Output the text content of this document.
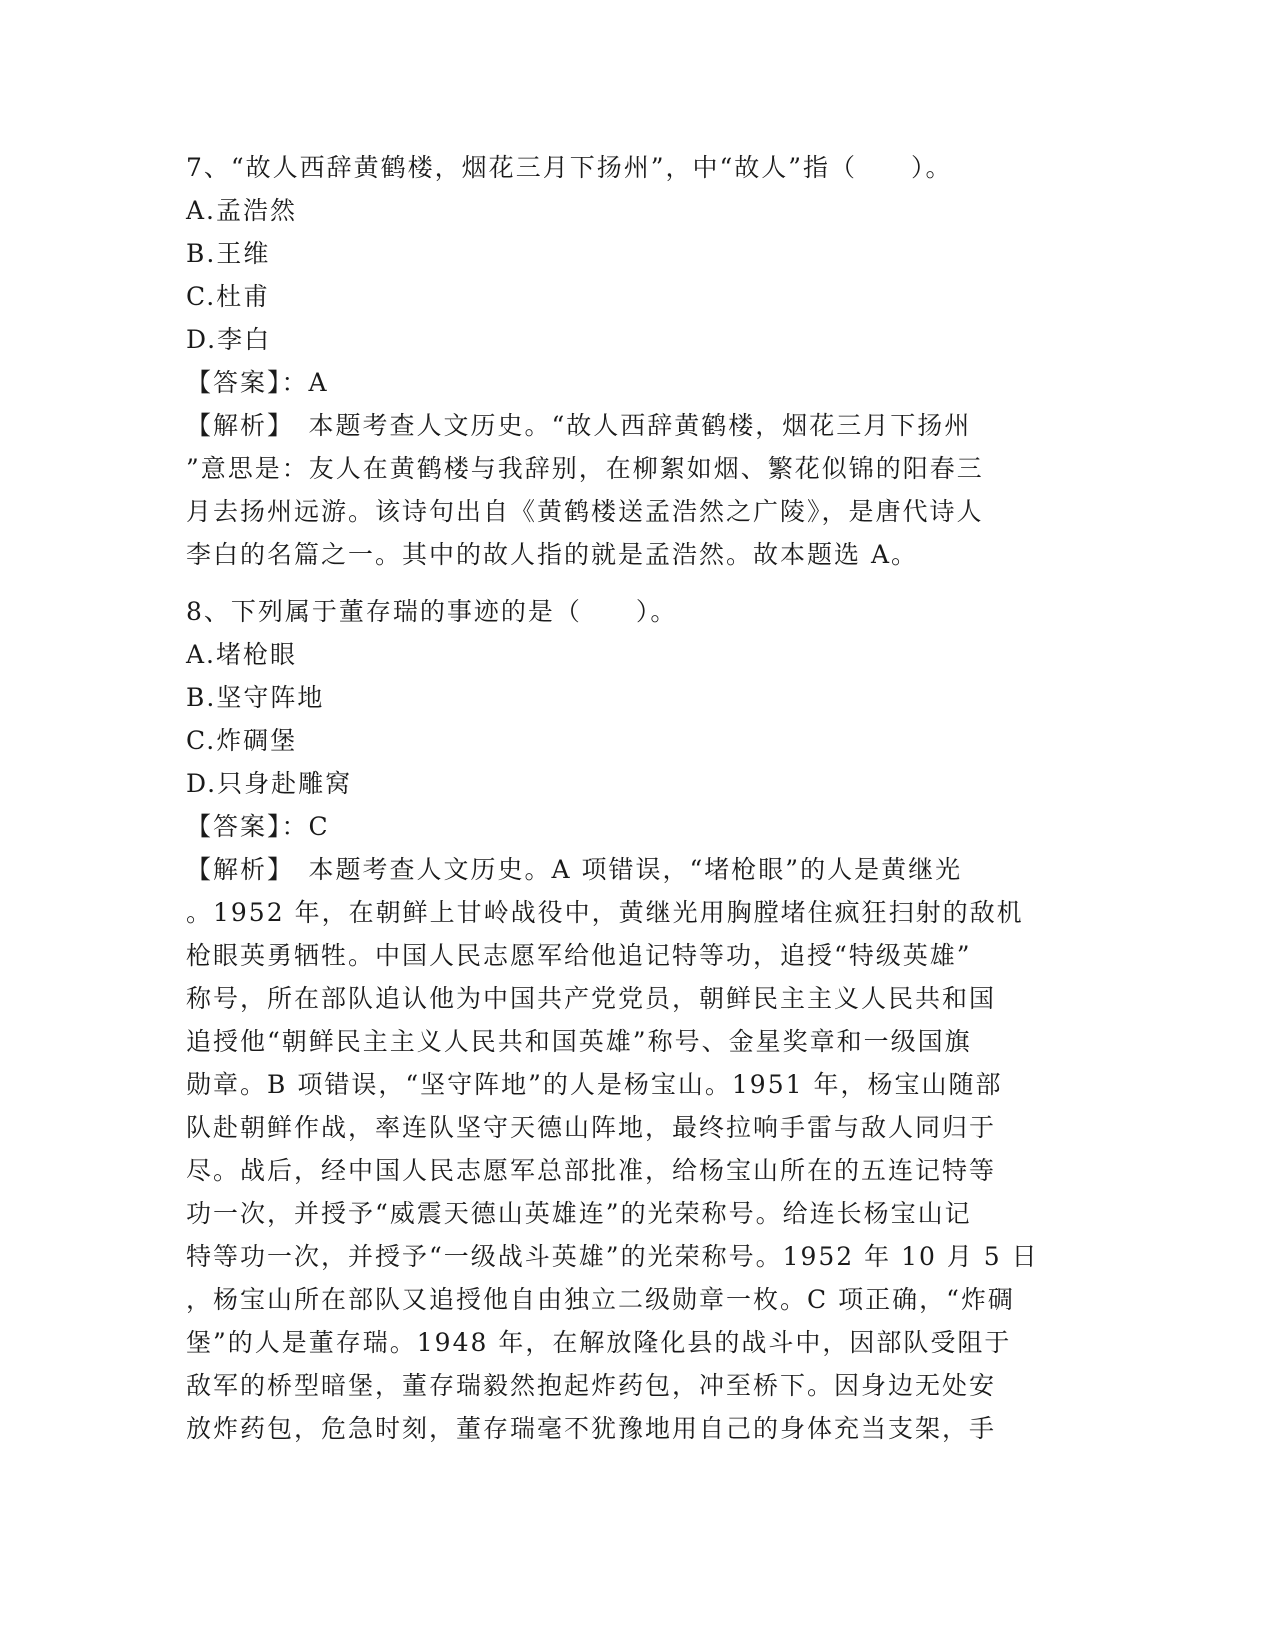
7、“故人西辞黄鹤楼，烟花三月下扬州”，中“故人”指（　　）。
A.孟浩然
B.王维
C.杜甫
D.李白
【答案】：A
【解析】　本题考查人文历史。“故人西辞黄鹤楼，烟花三月下扬州
”意思是：友人在黄鹤楼与我辞别，在柳絮如烟、繁花似锦的阳春三
月去扬州远游。该诗句出自《黄鹤楼送孟浩然之广陵》，是唐代诗人
李白的名篇之一。其中的故人指的就是孟浩然。故本题选 A。
8、下列属于董存瑞的事迹的是（　　）。
A.堵枪眼
B.坚守阵地
C.炸碉堡
D.只身赴雕窝
【答案】：C
【解析】　本题考查人文历史。A 项错误，“堵枪眼”的人是黄继光
。1952 年，在朝鲜上甘岭战役中，黄继光用胸膛堵住疯狂扫射的敌机
枪眼英勇牺牲。中国人民志愿军给他追记特等功，追授“特级英雄”
称号，所在部队追认他为中国共产党党员，朝鲜民主主义人民共和国
追授他“朝鲜民主主义人民共和国英雄”称号、金星奖章和一级国旗
勋章。B 项错误，“坚守阵地”的人是杨宝山。1951 年，杨宝山随部
队赴朝鲜作战，率连队坚守天德山阵地，最终拉响手雷与敌人同归于
尽。战后，经中国人民志愿军总部批准，给杨宝山所在的五连记特等
功一次，并授予“威震天德山英雄连”的光荣称号。给连长杨宝山记
特等功一次，并授予“一级战斗英雄”的光荣称号。1952 年 10 月 5 日
，杨宝山所在部队又追授他自由独立二级勋章一枚。C 项正确，“炸碉
堡”的人是董存瑞。1948 年，在解放隆化县的战斗中，因部队受阻于
敌军的桥型暗堡，董存瑞毅然抱起炸药包，冲至桥下。因身边无处安
放炸药包，危急时刻，董存瑞毫不犹豫地用自己的身体充当支架，手
